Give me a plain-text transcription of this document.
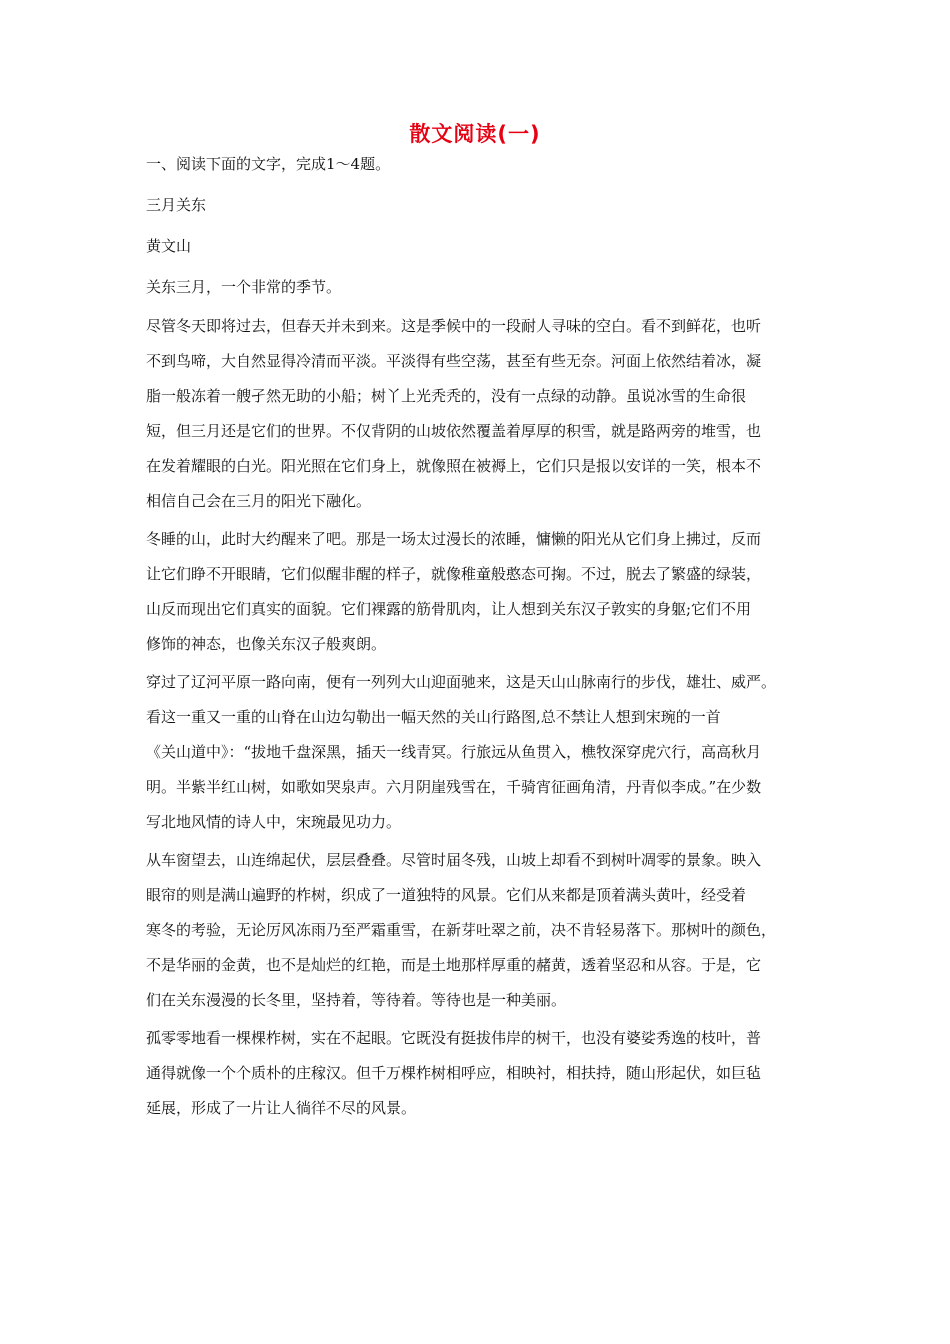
散文阅读(一)
一、阅读下面的文字，完成1～4题。
三月关东
黄文山
关东三月，一个非常的季节。
尽管冬天即将过去，但春天并未到来。这是季候中的一段耐人寻味的空白。看不到鲜花，也听
不到鸟啼，大自然显得冷清而平淡。平淡得有些空荡，甚至有些无奈。河面上依然结着冰，凝
脂一般冻着一艘孑然无助的小船；树丫上光秃秃的，没有一点绿的动静。虽说冰雪的生命很
短，但三月还是它们的世界。不仅背阴的山坡依然覆盖着厚厚的积雪，就是路两旁的堆雪，也
在发着耀眼的白光。阳光照在它们身上，就像照在被褥上，它们只是报以安详的一笑，根本不
相信自己会在三月的阳光下融化。
冬睡的山，此时大约醒来了吧。那是一场太过漫长的浓睡，慵懒的阳光从它们身上拂过，反而
让它们睁不开眼睛，它们似醒非醒的样子，就像稚童般憨态可掬。不过，脱去了繁盛的绿装，
山反而现出它们真实的面貌。它们裸露的筋骨肌肉，让人想到关东汉子敦实的身躯;它们不用
修饰的神态，也像关东汉子般爽朗。
穿过了辽河平原一路向南，便有一列列大山迎面驰来，这是天山山脉南行的步伐，雄壮、威严。
看这一重又一重的山脊在山边勾勒出一幅天然的关山行路图,总不禁让人想到宋琬的一首
《关山道中》：“拔地千盘深黑，插天一线青冥。行旅远从鱼贯入，樵牧深穿虎穴行，高高秋月
明。半紫半红山树，如歌如哭泉声。六月阴崖残雪在，千骑宵征画角清，丹青似李成。”在少数
写北地风情的诗人中，宋琬最见功力。
从车窗望去，山连绵起伏，层层叠叠。尽管时届冬残，山坡上却看不到树叶凋零的景象。映入
眼帘的则是满山遍野的柞树，织成了一道独特的风景。它们从来都是顶着满头黄叶，经受着
寒冬的考验，无论厉风冻雨乃至严霜重雪，在新芽吐翠之前，决不肯轻易落下。那树叶的颜色，
不是华丽的金黄，也不是灿烂的红艳，而是土地那样厚重的赭黄，透着坚忍和从容。于是，它
们在关东漫漫的长冬里，坚持着，等待着。等待也是一种美丽。
孤零零地看一棵棵柞树，实在不起眼。它既没有挺拔伟岸的树干，也没有婆娑秀逸的枝叶，普
通得就像一个个质朴的庄稼汉。但千万棵柞树相呼应，相映衬，相扶持，随山形起伏，如巨毡
延展，形成了一片让人徜徉不尽的风景。
